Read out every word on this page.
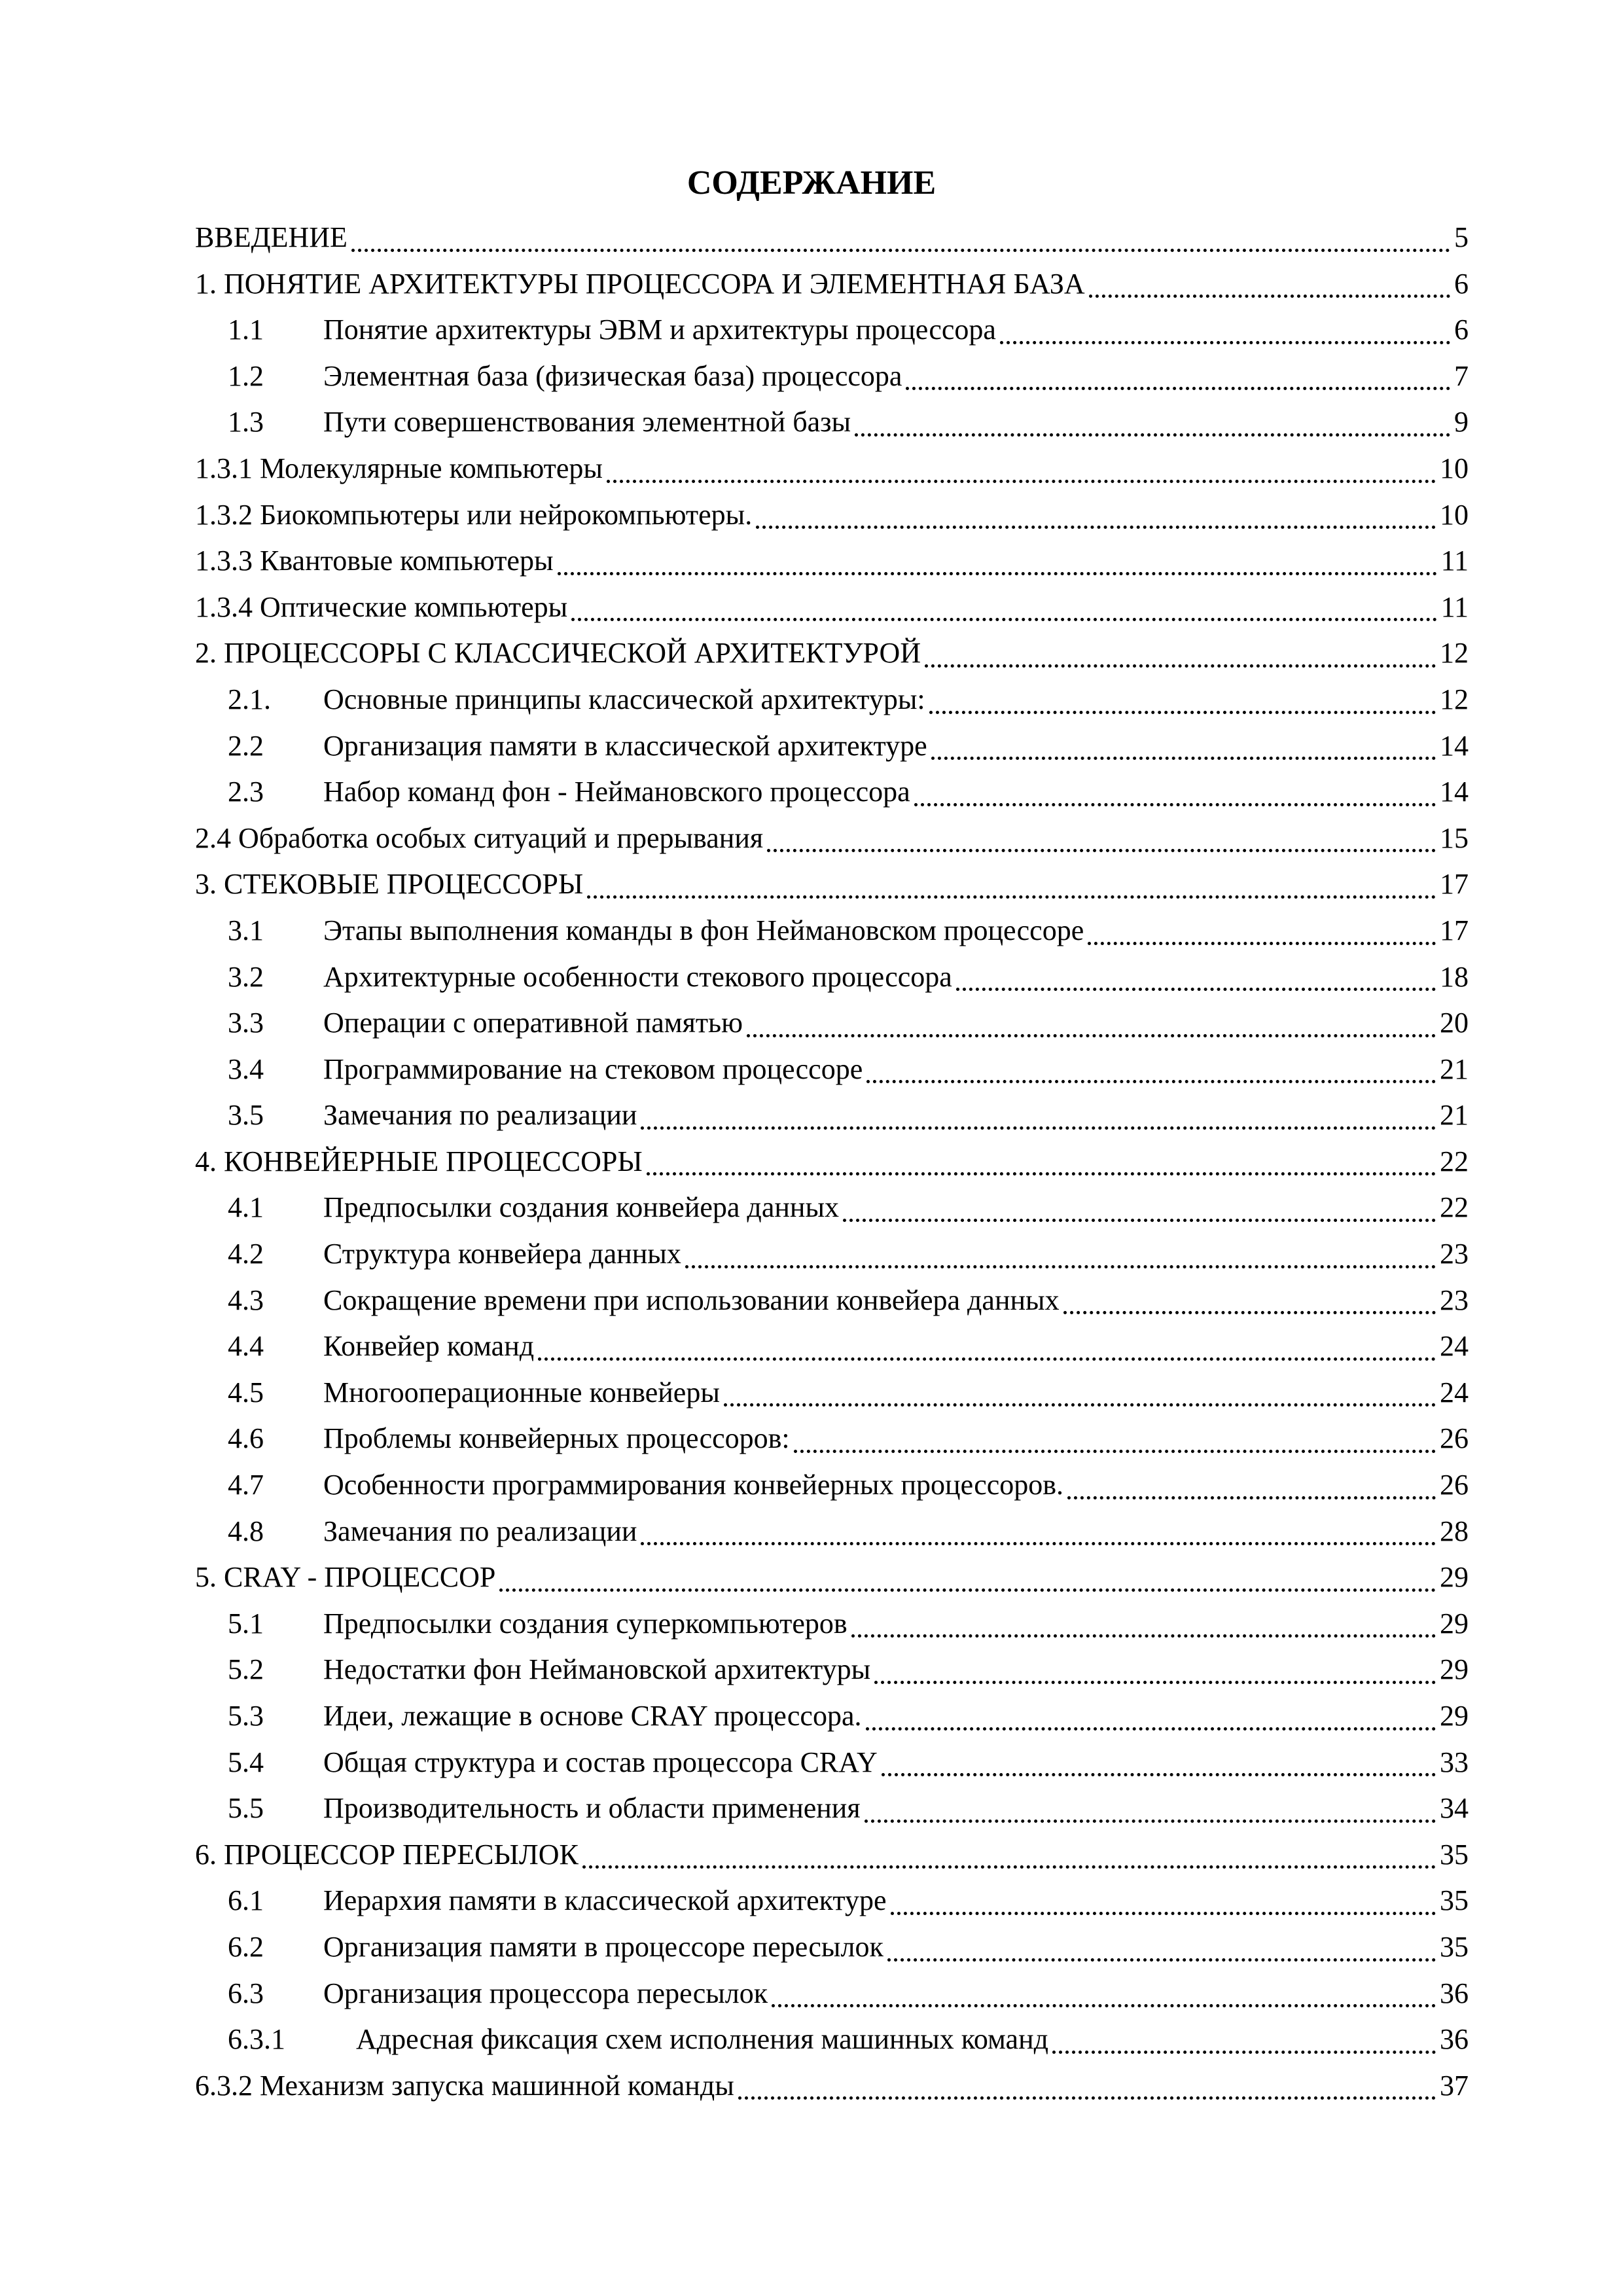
СОДЕРЖАНИЕ
ВВЕДЕНИЕ	5
1. ПОНЯТИЕ АРХИТЕКТУРЫ ПРОЦЕССОРА И ЭЛЕМЕНТНАЯ БАЗА	6
1.1 Понятие архитектуры ЭВМ и архитектуры процессора	6
1.2 Элементная база (физическая база) процессора	7
1.3 Пути совершенствования элементной базы	9
1.3.1 Молекулярные компьютеры	10
1.3.2 Биокомпьютеры или нейрокомпьютеры.	10
1.3.3 Квантовые компьютеры	11
1.3.4 Оптические компьютеры	11
2. ПРОЦЕССОРЫ С КЛАССИЧЕСКОЙ АРХИТЕКТУРОЙ	12
2.1. Основные принципы классической архитектуры:	12
2.2 Организация памяти в классической архитектуре	14
2.3 Набор команд фон - Неймановского процессора	14
2.4 Обработка особых ситуаций и прерывания	15
3. СТЕКОВЫЕ ПРОЦЕССОРЫ	17
3.1 Этапы выполнения команды в фон Неймановском процессоре	17
3.2 Архитектурные особенности стекового процессора	18
3.3 Операции с оперативной памятью	20
3.4 Программирование на стековом процессоре	21
3.5 Замечания по реализации	21
4. КОНВЕЙЕРНЫЕ ПРОЦЕССОРЫ	22
4.1 Предпосылки создания конвейера данных	22
4.2 Структура конвейера данных	23
4.3 Сокращение времени при использовании конвейера данных	23
4.4 Конвейер команд	24
4.5 Многооперационные конвейеры	24
4.6 Проблемы конвейерных процессоров:	26
4.7 Особенности программирования конвейерных процессоров.	26
4.8 Замечания по реализации	28
5. CRAY - ПРОЦЕССОР	29
5.1 Предпосылки создания суперкомпьютеров	29
5.2 Недостатки фон Неймановской архитектуры	29
5.3 Идеи, лежащие в основе CRAY процессора.	29
5.4 Общая структура и состав процессора CRAY	33
5.5 Производительность и области применения	34
6. ПРОЦЕССОР ПЕРЕСЫЛОК	35
6.1 Иерархия памяти в классической архитектуре	35
6.2 Организация памяти в процессоре пересылок	35
6.3 Организация процессора пересылок	36
6.3.1 Адресная фиксация схем исполнения машинных команд	36
6.3.2 Механизм запуска машинной команды	37
